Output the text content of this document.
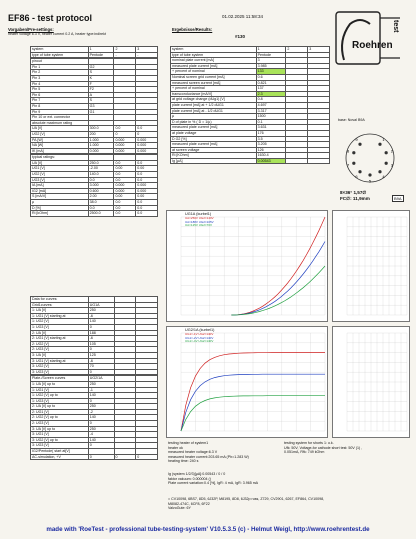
EF86 - test protocol	01.02.2025 11:58:34
Vorgaben/Pre-settings:
heater voltage 6.3 V, heater current 0.2 A, heater type:indirekt
Ergebnisse/Results:
#130
Roehren
test
system	1	2	3
type of tube system	Pentode	-	-

pinout			
Pin 1	G2		
Pin 2	S		
Pin 3	K		
Pin 4	F		
Pin 5	F2		
Pin 6	A		
Pin 7	S		
Pin 8	G3		
Pin 9	G1		
Pin 10 or ext. connector			
absolute maximum rating			
UA [V]	300.0	0.0	0.0
UG2 [V]	200	0	0
PA [W]	1.000	0.000	0.000
NA [W]	1.000	0.000	0.000
IK [mA]	0.000	0.000	0.000

typical ratings:			
UA [V]	250.0	0.0	0.0
UG1 [V]	-2.00	0.00	0.00
UG2 [V]	140.0	0.0	0.0
UG3 [V]	0.0	0.0	0.0
IA [mA]	3.000	0.000	0.000
IG2 [mA]	0.600	0.000	0.000
S [mA/V]	2.00	0.00	0.00
µ	38.0	0.0	0.0
D [%]	0.0	0.0	0.0
Ri [kOhm]	2500.0	0.0	0.0
Data for curves:			
Grid1curves:	UG1A		
1: UA [V]	250		
1: UG1 [V] starting at	-6		
1: UG2 [V]	140		
1: UG3 [V]	0		
2: UA [V]	188		
2: UG1 [V] starting at	-6		
2: UG2 [V]	105		
2: UG3 [V]	0		
3: UA [V]	125		
3: UG1 [V] starting at	-6		
3: UG2 [V]	70		
3: UG3 [V]	0		

Plate-/Screen curves	UG2/1A		
1: UA [V] up to	250		
1: UG1 [V]	-1		
1: UG2 [V] up to	140		
1: UG3 [V]	0		
2: UA [V] up to	250		
2: UG1 [V]	-2		
2: UG2 [V] up to	140		
2: UG3 [V]	0		
3: UA [V] up to	250		
3: UG1 [V]	-4		
3: UG2 [V] up to	140		
3: UG3 [V]	0		
IG2/Pentode( start at[V]			
AC-simulation, +V	0	0	0
system	1	2	3
type of tube system	Pentode		
nominal plate current [mA]	3		
measured plate current [mA]	3.985		
+ percent of nominal	133		
Nominal screen grid current [mA]	0.6		
measured screen current [mA]	0.821		
+ percent of nominal	137		
transconductance [mA/V]	2.3		
at grid voltage change (dUg1) [V]	0.8		
plate current [mA] at + 1/2 dUG1	4.697		
plate current [mA] at - 1/2 dUG1	3.317		
µ	1500		
D of plate in % ( D = 1/µ)	0.1		
measured plate current [mA]	3.631		
at plate voltage	176		
D G2 [%]	3.5		
measured plate current [mA]	3.205		
at screen voltage	126		
Ri [KOhm]	1630.4		
Ig [µA]	0.00543		
base: Noval B9A
1
2
3
4
5
6
7
8
9
8×36° 1,57∅
FC∅: 11,9mm	B9A
UG1A (kurbel1)
UA=250V UG2=140V
UA=188V UG2=105V
UA=125V UG2=70V
UG2/1A (kurbel1)
UG1=-1V UG2=140V
UG1=-2V UG2=140V
UG1=-4V UG2=140V
testing heater of system1
heater ok
measured heater voltage:6.3 V
measured heater current:203.65 mA (Ph=1.283 W)
heating time: 240 s
testing system for shorts 1: o.k.
Ufk: 50V, Voltage-for cathode short test: 50V (1) ,
0.051mA, Rfk: 749 kOhm
Ig (system 1/2/3)[µA]:0.00543 / 0 / 0
faktor vakuum: 0.000004 ()
Plate current variation:0.4 [%], IgR: 4 mA, IgR: 3.965 mA
= CV10098, 6BS7, 8D5, 6J32P, M8195, 8D8, 6J32p russ, Z729, CV2901, 6267, EF864, CV10098,
M8082-474C, 6CF8, 6F22
ValvoGute: 6Y
made with 'RoeTest - professional tube-testing-system' V10.5.3.5 (c) - Helmut Weigl, http://www.roehrentest.de
